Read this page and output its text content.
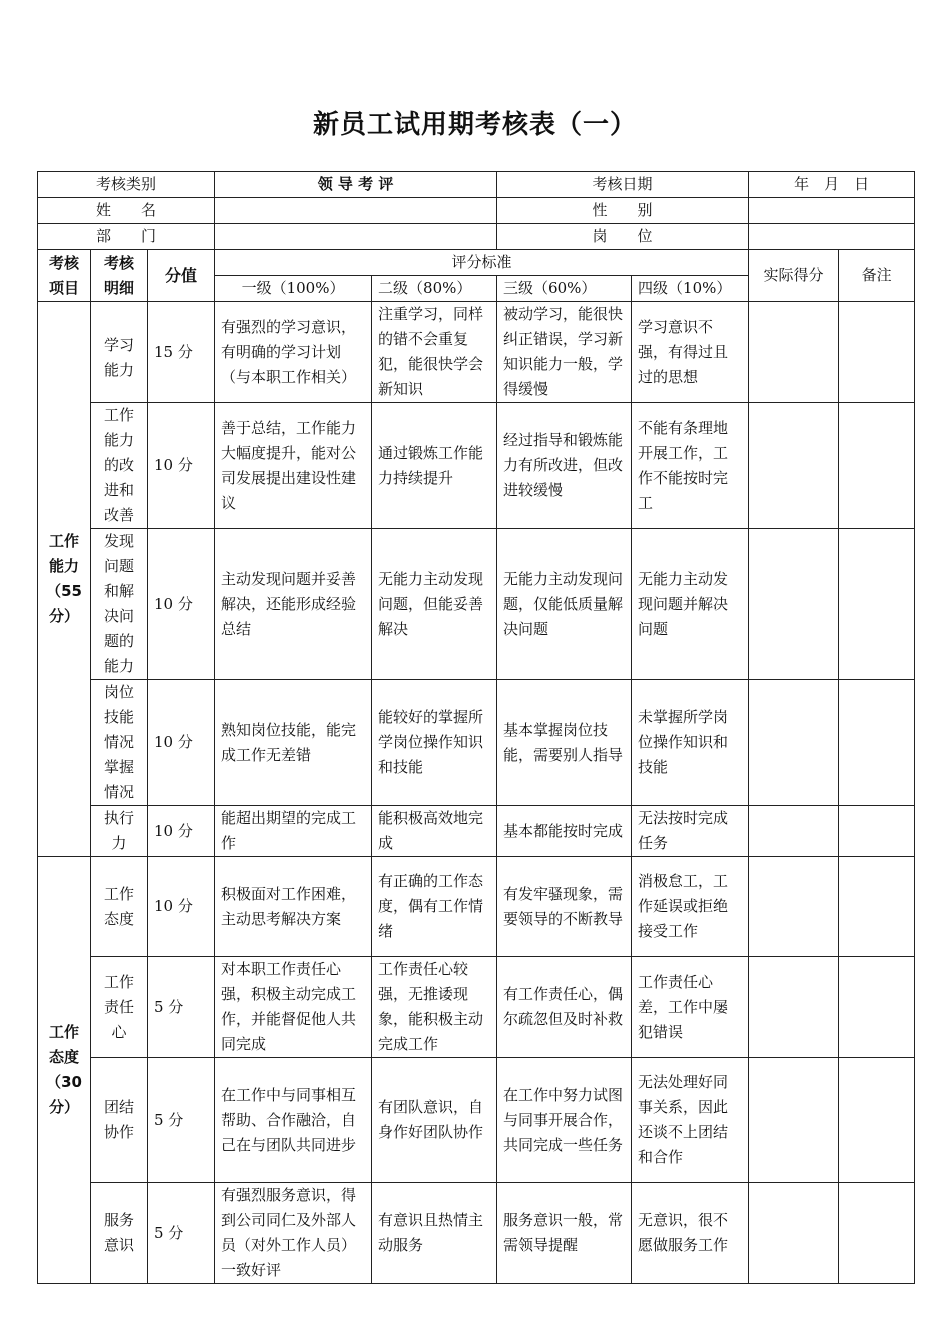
新员工试用期考核表（一）
考核类别			领 导 考 评		考核日期		年　月　日	
姓　　名					性　　别			
部　　门					岗　　位			
考核项目	考核明细	分值	评分标准				实际得分	备注
			一级（100%）	二级（80%）	三级（60%）	四级（10%）		
工作能力（55分）	学习能力	15 分	有强烈的学习意识，有明确的学习计划（与本职工作相关）	注重学习，同样的错不会重复犯，能很快学会新知识	被动学习，能很快纠正错误，学习新知识能力一般，学得缓慢	学习意识不强，有得过且过的思想		
	工作能力的改进和改善	10 分	善于总结，工作能力大幅度提升，能对公司发展提出建设性建议	通过锻炼工作能力持续提升	经过指导和锻炼能力有所改进，但改进较缓慢	不能有条理地开展工作，工作不能按时完工		
	发现问题和解决问题的能力	10 分	主动发现问题并妥善解决，还能形成经验总结	无能力主动发现问题，但能妥善解决	无能力主动发现问题，仅能低质量解决问题	无能力主动发现问题并解决问题		
	岗位技能情况掌握情况	10 分	熟知岗位技能，能完成工作无差错	能较好的掌握所学岗位操作知识和技能	基本掌握岗位技能，需要别人指导	未掌握所学岗位操作知识和技能		
	执行力	10 分	能超出期望的完成工作	能积极高效地完成	基本都能按时完成	无法按时完成任务		
工作态度（30分）	工作态度	10 分	积极面对工作困难，主动思考解决方案	有正确的工作态度，偶有工作情绪	有发牢骚现象，需要领导的不断教导	消极怠工，工作延误或拒绝接受工作		
	工作责任心	5 分	对本职工作责任心强，积极主动完成工作，并能督促他人共同完成	工作责任心较强，无推诿现象，能积极主动完成工作	有工作责任心，偶尔疏忽但及时补救	工作责任心差，工作中屡犯错误		
	团结协作	5 分	在工作中与同事相互帮助、合作融洽，自己在与团队共同进步	有团队意识，自身作好团队协作	在工作中努力试图与同事开展合作，共同完成一些任务	无法处理好同事关系，因此还谈不上团结和合作		
	服务意识	5 分	有强烈服务意识，得到公司同仁及外部人员（对外工作人员）一致好评	有意识且热情主动服务	服务意识一般，常需领导提醒	无意识，很不愿做服务工作		
